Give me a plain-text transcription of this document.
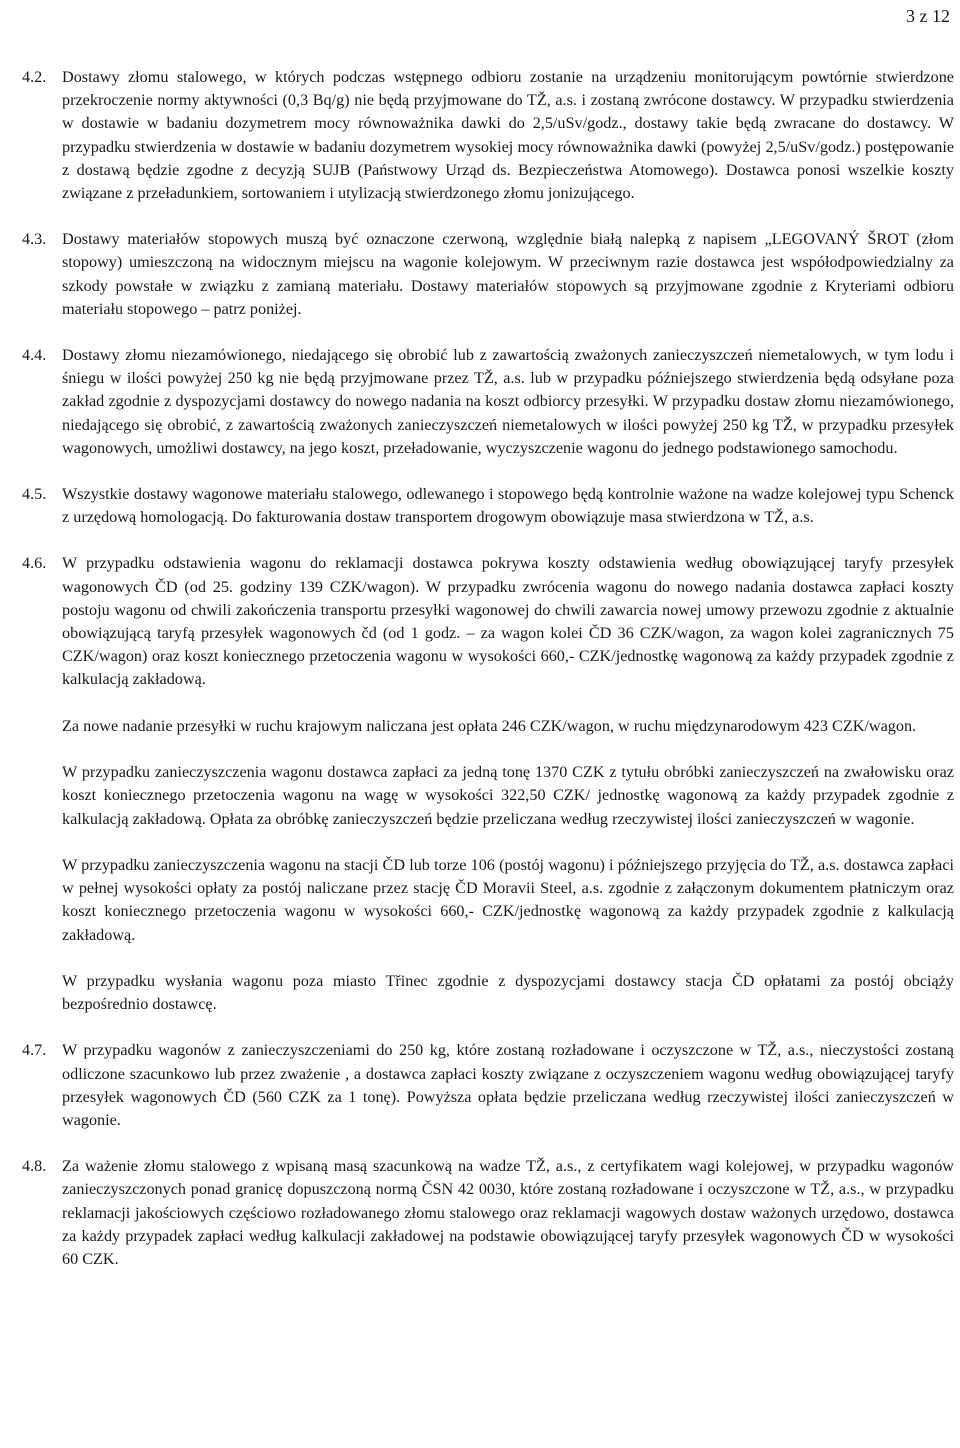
3 z 12
4.2. Dostawy złomu stalowego, w których podczas wstępnego odbioru zostanie na urządzeniu monitorującym powtórnie stwierdzone przekroczenie normy aktywności (0,3 Bq/g) nie będą przyjmowane do TŽ, a.s. i zostaną zwrócone dostawcy. W przypadku stwierdzenia w dostawie w badaniu dozymetrem mocy równoważnika dawki do 2,5/uSv/godz., dostawy takie będą zwracane do dostawcy. W przypadku stwierdzenia w dostawie w badaniu dozymetrem wysokiej mocy równoważnika dawki (powyżej 2,5/uSv/godz.) postępowanie z dostawą będzie zgodne z decyzją SUJB (Państwowy Urząd ds. Bezpieczeństwa Atomowego). Dostawca ponosi wszelkie koszty związane z przeładunkiem, sortowaniem i utylizacją stwierdzonego złomu jonizującego.

4.3. Dostawy materiałów stopowych muszą być oznaczone czerwoną, względnie białą nalepką z napisem „LEGOVANÝ ŠROT (złom stopowy) umieszczoną na widocznym miejscu na wagonie kolejowym. W przeciwnym razie dostawca jest współodpowiedzialny za szkody powstałe w związku z zamianą materiału. Dostawy materiałów stopowych są przyjmowane zgodnie z Kryteriami odbioru materiału stopowego – patrz poniżej.

4.4. Dostawy złomu niezamówionego, niedającego się obrobić lub z zawartością zważonych zanieczyszczeń niemetalowych, w tym lodu i śniegu w ilości powyżej 250 kg nie będą przyjmowane przez TŽ, a.s. lub w przypadku późniejszego stwierdzenia będą odsyłane poza zakład zgodnie z dyspozycjami dostawcy do nowego nadania na koszt odbiorcy przesyłki. W przypadku dostaw złomu niezamówionego, niedającego się obrobić, z zawartością zważonych zanieczyszczeń niemetalowych w ilości powyżej 250 kg TŽ, w przypadku przesyłek wagonowych, umożliwi dostawcy, na jego koszt, przeładowanie, wyczyszczenie wagonu do jednego podstawionego samochodu.

4.5. Wszystkie dostawy wagonowe materiału stalowego, odlewanego i stopowego będą kontrolnie ważone na wadze kolejowej typu Schenck z urzędową homologacją. Do fakturowania dostaw transportem drogowym obowiązuje masa stwierdzona w TŽ, a.s.

4.6. W przypadku odstawienia wagonu do reklamacji dostawca pokrywa koszty odstawienia według obowiązującej taryfy przesyłek wagonowych ČD (od 25. godziny 139 CZK/wagon). W przypadku zwrócenia wagonu do nowego nadania dostawca zapłaci koszty postoju wagonu od chwili zakończenia transportu przesyłki wagonowej do chwili zawarcia nowej umowy przewozu zgodnie z aktualnie obowiązującą taryfą przesyłek wagonowych čd (od 1 godz. – za wagon kolei ČD 36 CZK/wagon, za wagon kolei zagranicznych 75 CZK/wagon) oraz koszt koniecznego przetoczenia wagonu w wysokości 660,- CZK/jednostkę wagonową za każdy przypadek zgodnie z kalkulacją zakładową.

Za nowe nadanie przesyłki w ruchu krajowym naliczana jest opłata 246 CZK/wagon, w ruchu międzynarodowym 423 CZK/wagon.

W przypadku zanieczyszczenia wagonu dostawca zapłaci za jedną tonę 1370 CZK z tytułu obróbki zanieczyszczeń na zwałowisku oraz koszt koniecznego przetoczenia wagonu na wagę w wysokości 322,50 CZK/ jednostkę wagonową za każdy przypadek zgodnie z kalkulacją zakładową. Opłata za obróbkę zanieczyszczeń będzie przeliczana według rzeczywistej ilości zanieczyszczeń w wagonie.

W przypadku zanieczyszczenia wagonu na stacji ČD lub torze 106 (postój wagonu) i późniejszego przyjęcia do TŽ, a.s. dostawca zapłaci w pełnej wysokości opłaty za postój naliczane przez stację ČD Moravii Steel, a.s. zgodnie z załączonym dokumentem płatniczym oraz koszt koniecznego przetoczenia wagonu w wysokości 660,- CZK/jednostkę wagonową za każdy przypadek zgodnie z kalkulacją zakładową.

W przypadku wysłania wagonu poza miasto Třinec zgodnie z dyspozycjami dostawcy stacja ČD opłatami za postój obciąży bezpośrednio dostawcę.

4.7. W przypadku wagonów z zanieczyszczeniami do 250 kg, które zostaną rozładowane i oczyszczone w TŽ, a.s., nieczystości zostaną odliczone szacunkowo lub przez zważenie , a dostawca zapłaci koszty związane z oczyszczeniem wagonu według obowiązującej taryfy przesyłek wagonowych ČD (560 CZK za 1 tonę). Powyższa opłata będzie przeliczana według rzeczywistej ilości zanieczyszczeń w wagonie.

4.8. Za ważenie złomu stalowego z wpisaną masą szacunkową na wadze TŽ, a.s., z certyfikatem wagi kolejowej, w przypadku wagonów zanieczyszczonych ponad granicę dopuszczoną normą ČSN 42 0030, które zostaną rozładowane i oczyszczone w TŽ, a.s., w przypadku reklamacji jakościowych częściowo rozładowanego złomu stalowego oraz reklamacji wagowych dostaw ważonych urzędowo, dostawca za każdy przypadek zapłaci według kalkulacji zakładowej na podstawie obowiązującej taryfy przesyłek wagonowych ČD w wysokości 60 CZK.
